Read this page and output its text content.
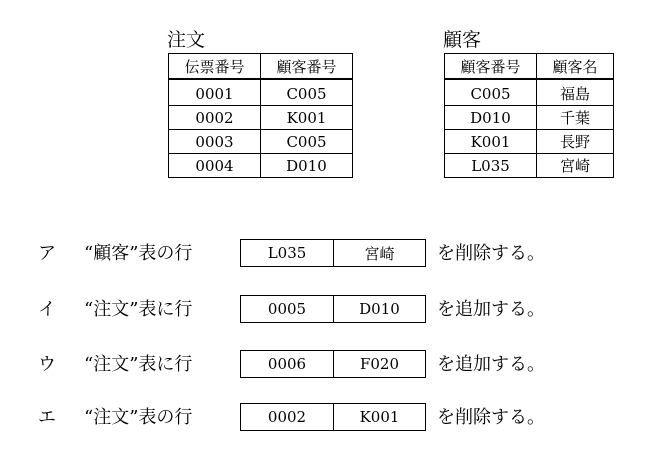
注文
伝票番号	顧客番号
0001	C005
0002	K001
0003	C005
0004	D010
顧客
顧客番号	顧客名
C005	福島
D010	千葉
K001	長野
L035	宮崎
ア “顧客”表の行	L035	宮崎	を削除する。
イ “注文”表に行	0005	D010	を追加する。
ウ “注文”表に行	0006	F020	を追加する。
エ “注文”表の行	0002	K001	を削除する。
